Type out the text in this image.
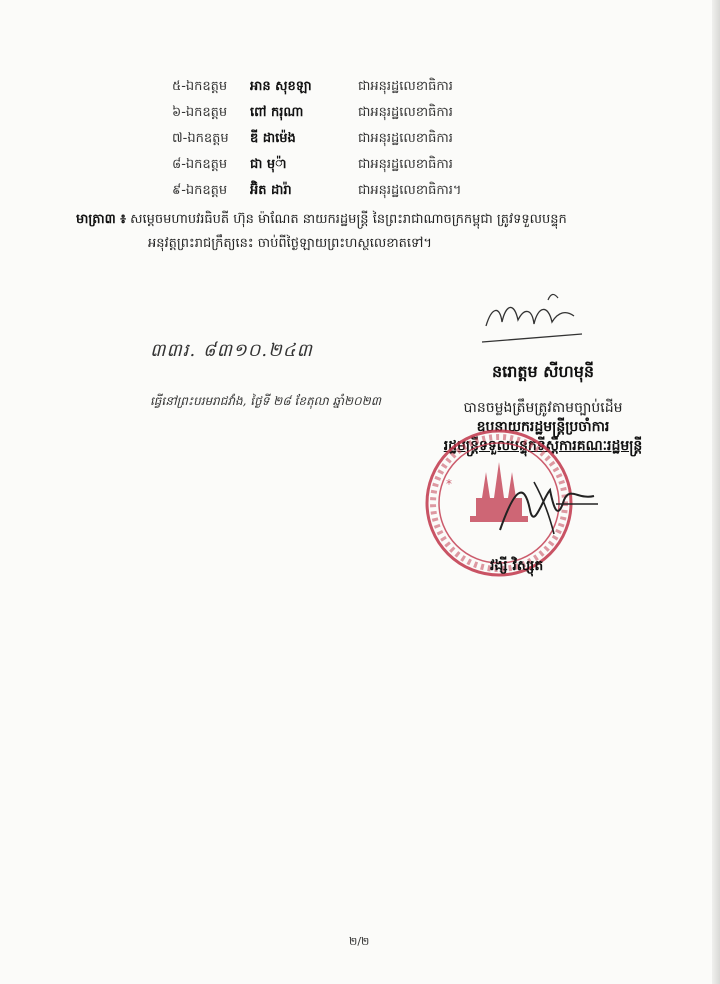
៥-ឯកឧត្ដម អាន សុខឡា	ជាអនុរដ្ឋលេខាធិការ
៦-ឯកឧត្ដម ពៅ ករុណា	ជាអនុរដ្ឋលេខាធិការ
៧-ឯកឧត្ដម ឌី ដាម៉េង	ជាអនុរដ្ឋលេខាធិការ
៨-ឯកឧត្ដម ជា មុ៉ា	ជាអនុរដ្ឋលេខាធិការ
៩-ឯកឧត្ដម អ៊ិត ដារ៉ា	ជាអនុរដ្ឋលេខាធិការ។
មាត្រា៣ ៖ សម្ដេចមហាបវរធិបតី ហ៊ុន ម៉ាណែត នាយករដ្ឋមន្ត្រី នៃព្រះរាជាណាចក្រកម្ពុជា ត្រូវទទួលបន្ទុក
អនុវត្តព្រះរាជក្រឹត្យនេះ ចាប់ពីថ្ងៃឡាយព្រះហស្ថលេខាតទៅ។
៣៣រ.​ ៨៣១០.២៤៣
ធ្វើនៅព្រះបរមរាជវាំង, ថ្ងៃទី ២៨ ខែតុលា ឆ្នាំ២០២៣
នរោត្តម សីហមុនី
បានចម្លងត្រឹមត្រូវតាមច្បាប់ដើម
ឧបនាយករដ្ឋមន្ត្រីប្រចាំការ
រដ្ឋមន្ត្រីទទួលបន្ទុកទីស្ដីការគណៈរដ្ឋមន្ត្រី
*
វង្សី វិស្សុត
២/២
